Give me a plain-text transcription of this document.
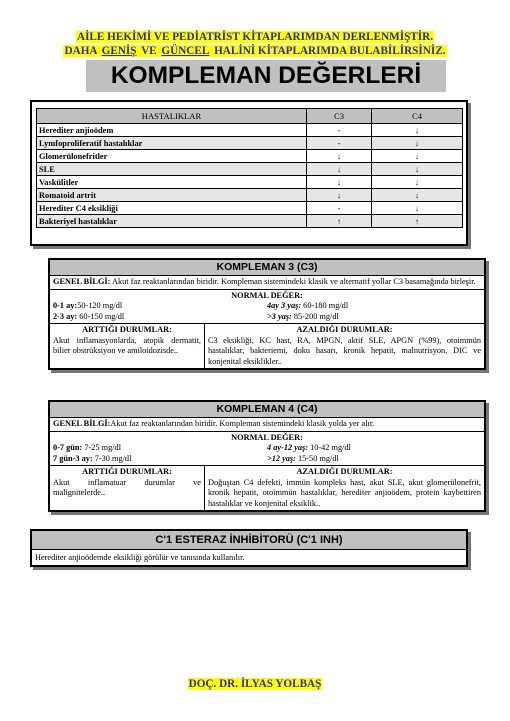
AİLE HEKİMİ VE PEDİATRİST KİTAPLARIMDAN DERLENMİŞTİR.
DAHA GENİŞ VE GÜNCEL HALİNİ KİTAPLARIMDA BULABİLİRSİNİZ.
KOMPLEMAN DEĞERLERİ
HASTALIKLAR	C3	C4
Herediter anjioödem	-	↓
Lymfoproliferatif hastalıklar	-	↓
Glomerülonefritler	↓	↓
SLE	↓	↓
Vaskülitler	↓	↓
Romatoid artrit	↓	↓
Herediter C4 eksikliği	-	↓
Bakteriyel hastalıklar	↑	↑
KOMPLEMAN 3 (C3)
GENEL BİLGİ: Akut faz reaktanlarından biridir. Kompleman sistemindeki klasik ve alternatif yollar C3 basamağında birleşir.
NORMAL DEĞER:
0-1 ay:50-120 mg/dl	4ay 3 yaş: 60-180 mg/dl
2-3 ay: 60-150 mg/dl	>3 yaş: 85-200 mg/dl
ARTTIĞI DURUMLAR:
Akut inflamasyonlarda, atopik dermatit, bilier obstrüksiyon ve amiloidozisde..
AZALDIĞI DURUMLAR:
C3 eksikliği, KC hast, RA, MPGN, aktif SLE, APGN (%99), otoimmün hastalıklar, bakteriemi, doku hasarı, kronik hepatit, malnutrisyon, DIC ve konjenital eksiklikler..
KOMPLEMAN 4 (C4)
GENEL BİLGİ:Akut faz reaktanlarından biridir. Kompleman sistemindeki klasik yolda yer alır.
NORMAL DEĞER:
0-7 gün: 7-25 mg/dl	4 ay-12 yaş: 10-42 mg/dl
7 gün-3 ay: 7-30 mg/dl	>12 yaş: 15-50 mg/dl
ARTTIĞI DURUMLAR:
Akut inflamatuar durumlar ve malignitelerde..
AZALDIĞI DURUMLAR:
Doğuştan C4 defekti, immün kompleks hast, akut SLE, akut glomerülonefrit, kronik hepatit, otoimmün hastalıklar, herediter anjioödem, protein kaybettiren hastalıklar ve konjenital eksiklik..
C'1 ESTERAZ İNHİBİTORÜ (C'1 INH)
Herediter anjioödemde eksikliği görülür ve tanısında kullanılır.
DOÇ. DR. İLYAS YOLBAŞ
